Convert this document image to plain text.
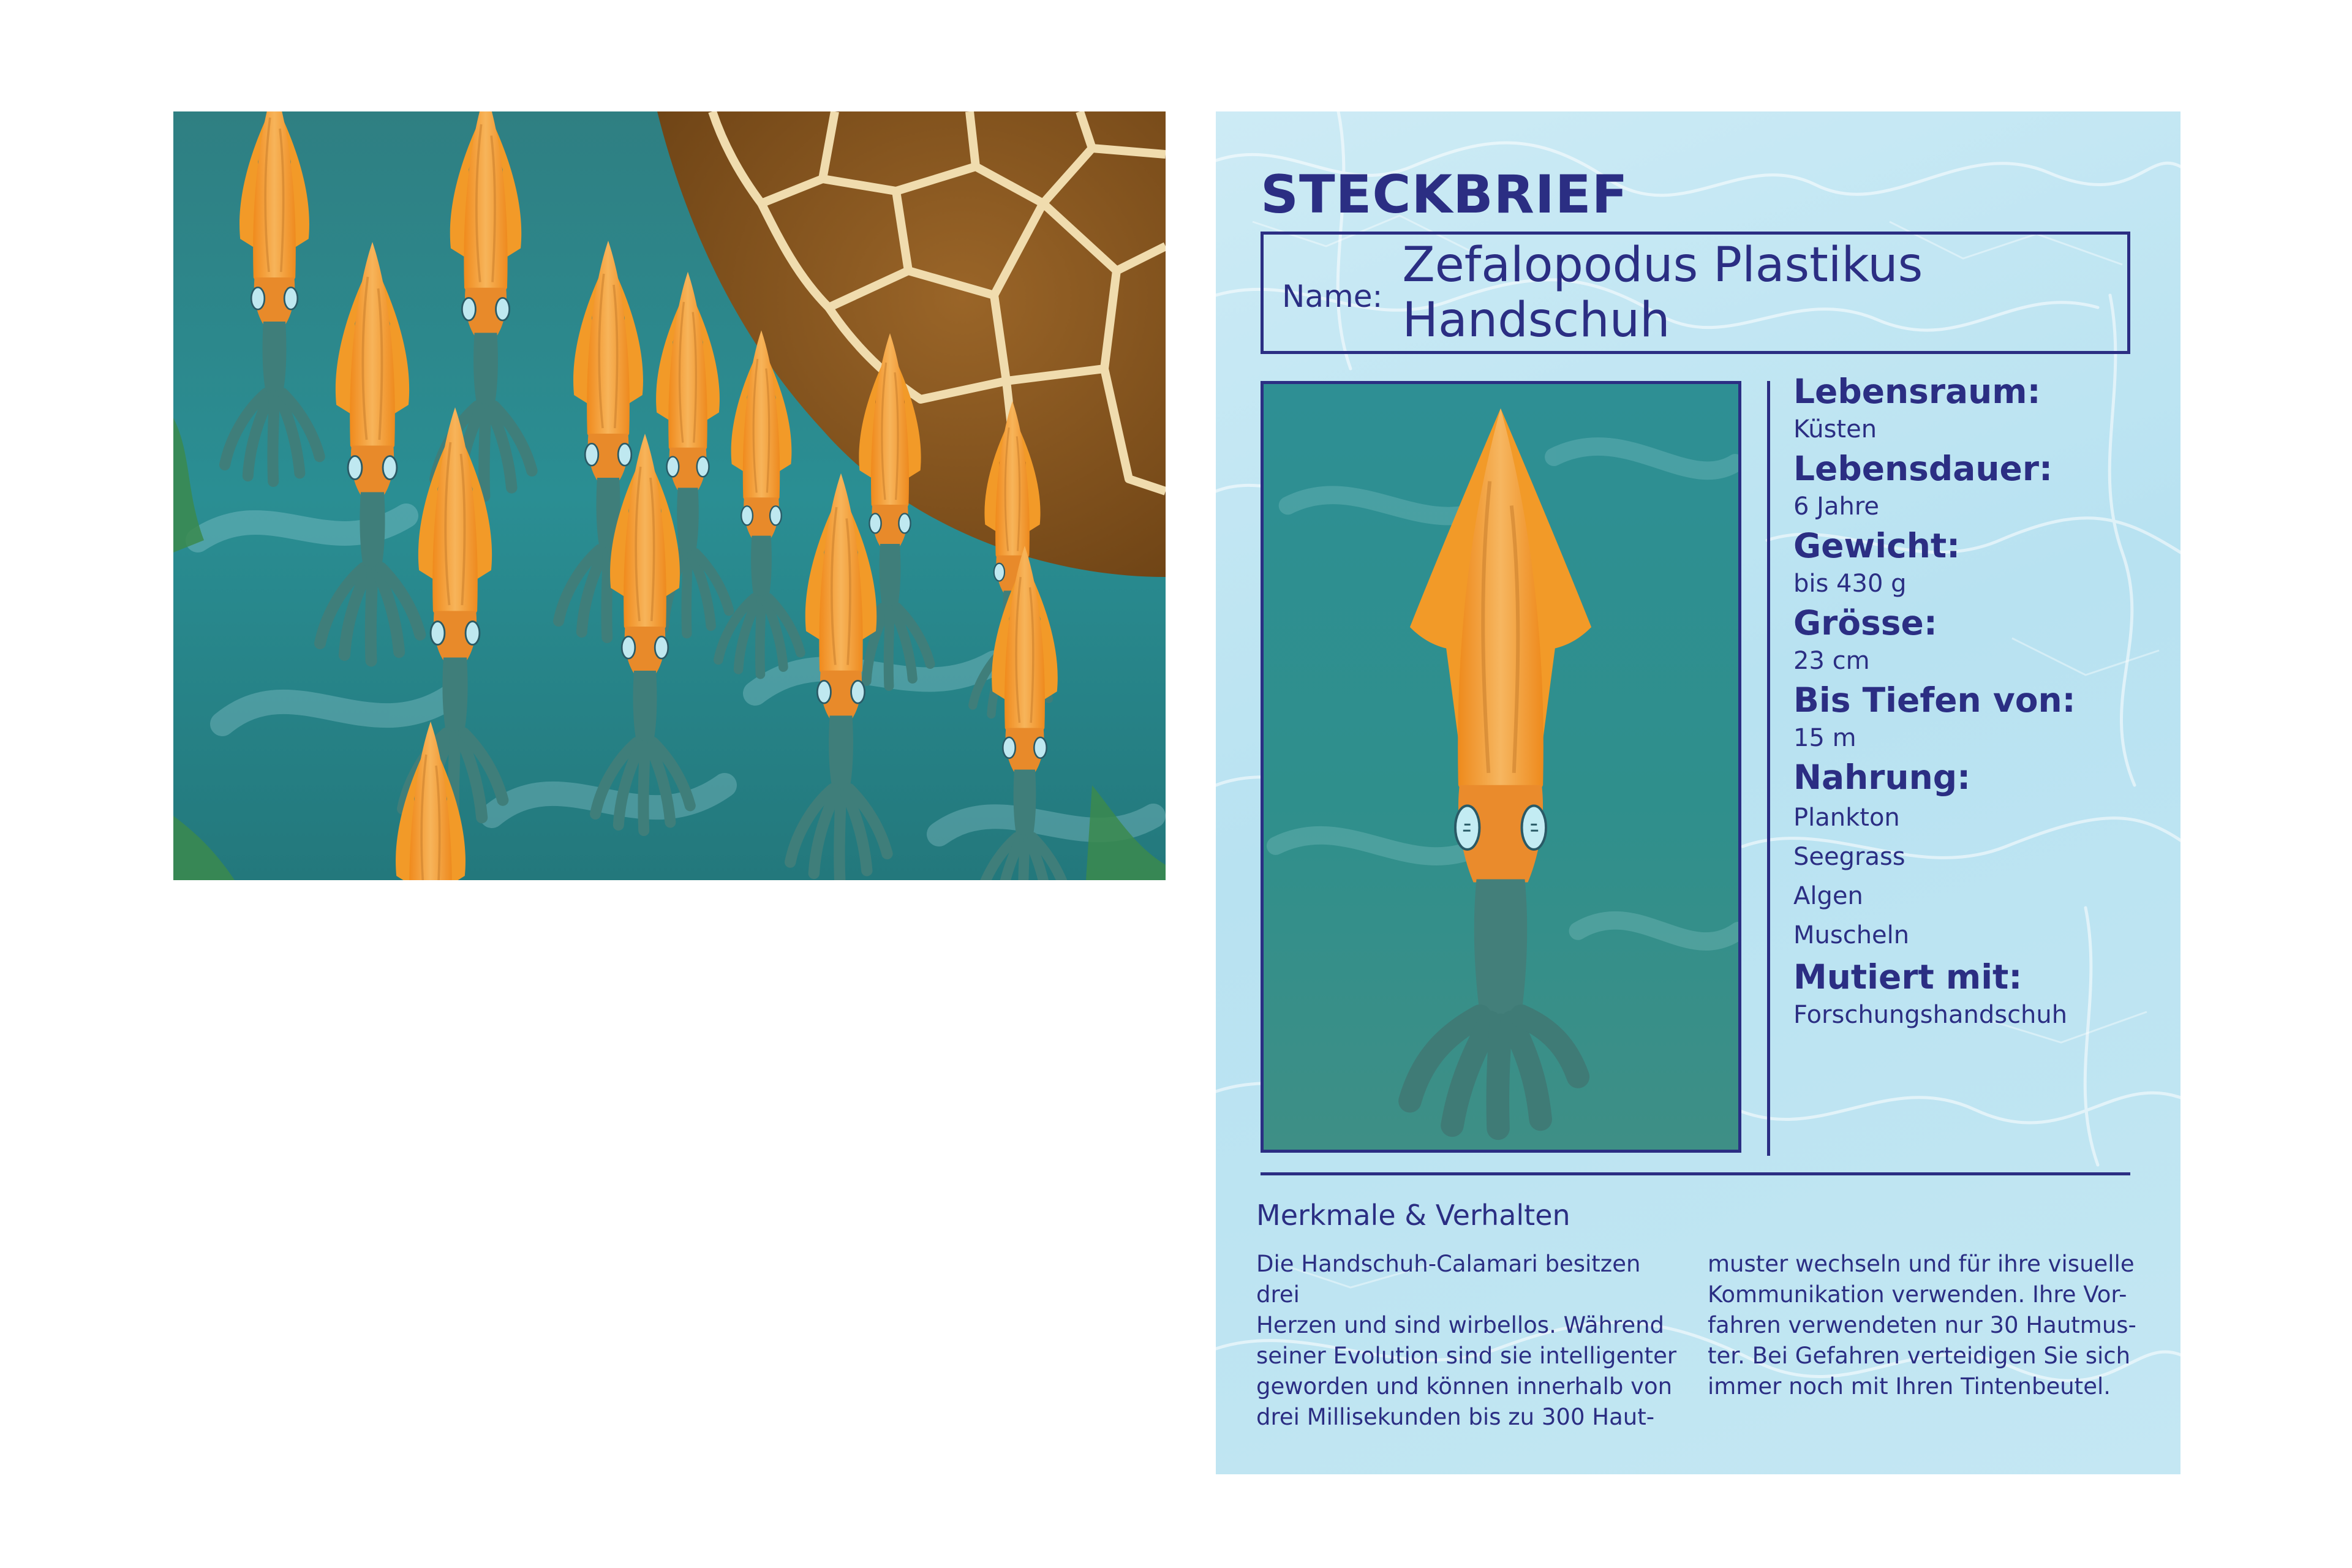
STECKBRIEF
Name:
Zefalopodus Plastikus Handschuh
Lebensraum:
Küsten
Lebensdauer:
6 Jahre
Gewicht:
bis 430 g
Grösse:
23 cm
Bis Tiefen von:
15 m
Nahrung:
Plankton
Seegrass
Algen
Muscheln
Mutiert mit:
Forschungshandschuh
Merkmale & Verhalten
Die Handschuh-Calamari besitzen drei
Herzen und sind wirbellos. Während
seiner Evolution sind sie intelligenter
geworden und können innerhalb von
drei Millisekunden bis zu 300 Haut-
muster wechseln und für ihre visuelle
Kommunikation verwenden. Ihre Vor-
fahren verwendeten nur 30 Hautmus-
ter. Bei Gefahren verteidigen Sie sich
immer noch mit Ihren Tintenbeutel.
